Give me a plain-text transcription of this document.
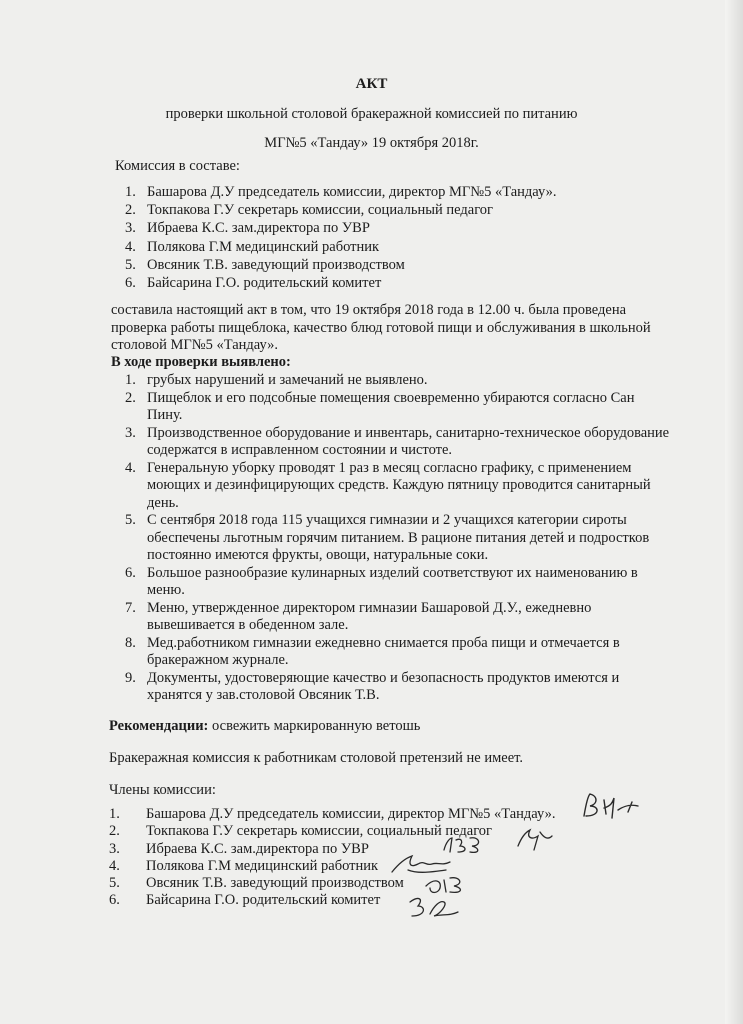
АКТ
проверки школьной столовой бракеражной комиссией по питанию
МГ№5 «Тандау» 19 октября 2018г.
Комиссия в составе:
1. Башарова Д.У председатель комиссии, директор МГ№5 «Тандау».
2. Токпакова Г.У секретарь комиссии, социальный педагог
3. Ибраева К.С. зам.директора по УВР
4. Полякова Г.М медицинский работник
5. Овсяник Т.В. заведующий производством
6. Байсарина Г.О. родительский комитет
составила настоящий акт в том, что 19 октября 2018 года в 12.00 ч. была проведена проверка работы пищеблока, качество блюд готовой пищи и обслуживания в школьной столовой МГ№5 «Тандау».
В ходе проверки выявлено:
1. грубых нарушений и замечаний не выявлено.
2. Пищеблок и его подсобные помещения своевременно убираются согласно Сан Пину.
3. Производственное оборудование и инвентарь, санитарно-техническое оборудование содержатся в исправленном состоянии и чистоте.
4. Генеральную уборку проводят 1 раз в месяц согласно графику, с применением моющих и дезинфицирующих средств. Каждую пятницу проводится санитарный день.
5. С сентября 2018 года 115 учащихся гимназии и 2 учащихся категории сироты обеспечены льготным горячим питанием. В рационе питания детей и подростков постоянно имеются фрукты, овощи, натуральные соки.
6. Большое разнообразие кулинарных изделий соответствуют их наименованию в меню.
7. Меню, утвержденное директором гимназии Башаровой Д.У., ежедневно вывешивается в обеденном зале.
8. Мед.работником гимназии ежедневно снимается проба пищи и отмечается в бракеражном журнале.
9. Документы, удостоверяющие качество и безопасность продуктов имеются и хранятся у зав.столовой Овсяник Т.В.
Рекомендации: освежить маркированную ветошь
Бракеражная комиссия к работникам столовой претензий не имеет.
Члены комиссии:
1. Башарова Д.У председатель комиссии, директор МГ№5 «Тандау».
2. Токпакова Г.У секретарь комиссии, социальный педагог
3. Ибраева К.С. зам.директора по УВР
4. Полякова Г.М медицинский работник
5. Овсяник Т.В. заведующий производством
6. Байсарина Г.О. родительский комитет
